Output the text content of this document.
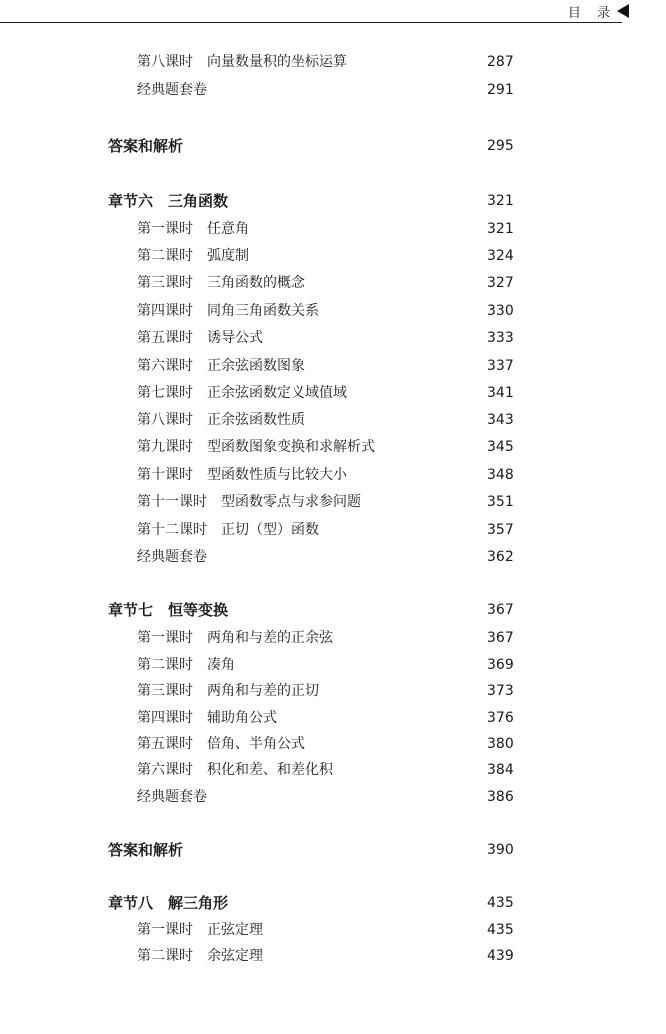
目 录
第八课时　向量数量积的坐标运算	287
经典题套卷	291
答案和解析	295
章节六　三角函数	321
第一课时　任意角	321
第二课时　弧度制	324
第三课时　三角函数的概念	327
第四课时　同角三角函数关系	330
第五课时　诱导公式	333
第六课时　正余弦函数图象	337
第七课时　正余弦函数定义域值域	341
第八课时　正余弦函数性质	343
第九课时　型函数图象变换和求解析式	345
第十课时　型函数性质与比较大小	348
第十一课时　型函数零点与求参问题	351
第十二课时　正切（型）函数	357
经典题套卷	362
章节七　恒等变换	367
第一课时　两角和与差的正余弦	367
第二课时　凑角	369
第三课时　两角和与差的正切	373
第四课时　辅助角公式	376
第五课时　倍角、半角公式	380
第六课时　积化和差、和差化积	384
经典题套卷	386
答案和解析	390
章节八　解三角形	435
第一课时　正弦定理	435
第二课时　余弦定理	439
